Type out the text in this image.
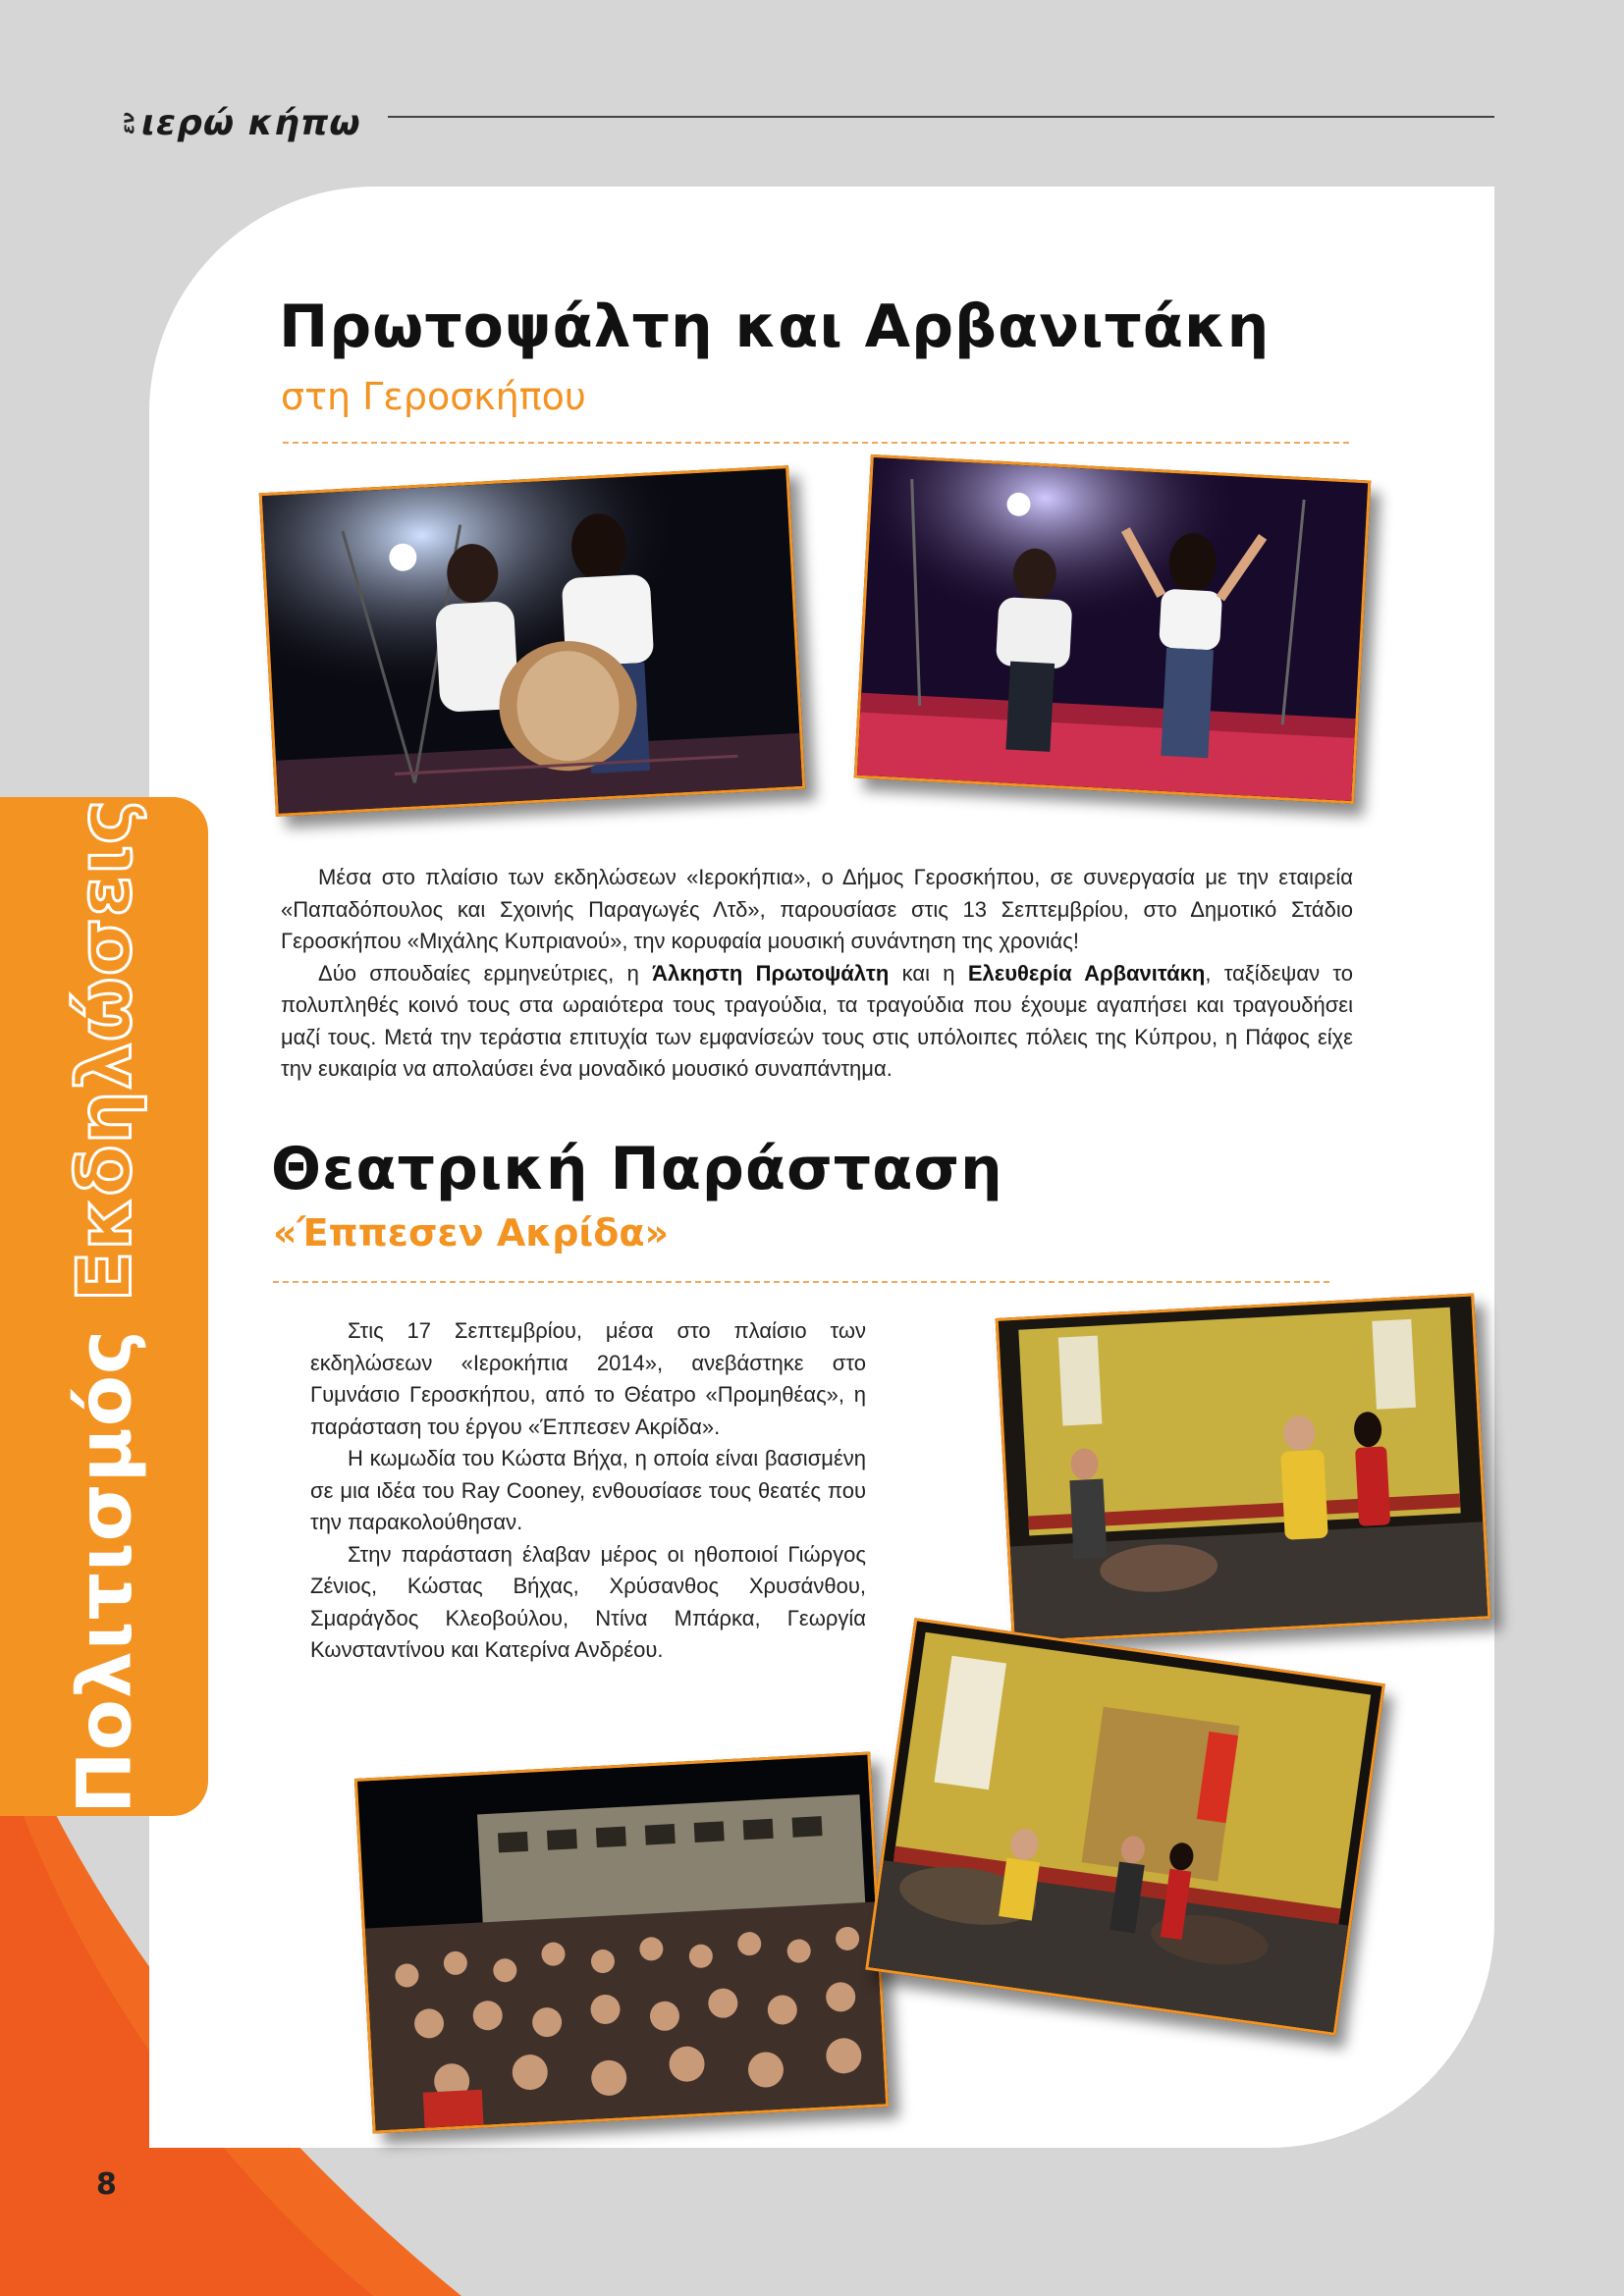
εν ιερώ κήπω
Πολιτισμός Εκδηλώσεις
Πρωτοψάλτη και Αρβανιτάκη
στη Γεροσκήπου

Μέσα στο πλαίσιο των εκδηλώσεων «Ιεροκήπια», ο Δήμος Γεροσκήπου, σε συνεργασία με την εταιρεία «Παπαδόπουλος και Σχοινής Παραγωγές Λτδ», παρουσίασε στις 13 Σεπτεμβρίου, στο Δημοτικό Στάδιο Γεροσκήπου «Μιχάλης Κυπριανού», την κορυφαία μουσική συνάντηση της χρονιάς!

Δύο σπουδαίες ερμηνεύτριες, η Άλκηστη Πρωτοψάλτη και η Ελευθερία Αρβανιτάκη, ταξίδεψαν το πολυπληθές κοινό τους στα ωραιότερα τους τραγούδια, τα τραγούδια που έχουμε αγαπήσει και τραγουδήσει μαζί τους. Μετά την τεράστια επιτυχία των εμφανίσεών τους στις υπόλοιπες πόλεις της Κύπρου, η Πάφος είχε την ευκαιρία να απολαύσει ένα μοναδικό μουσικό συναπάντημα.

Θεατρική Παράσταση
«Έππεσεν Ακρίδα»

Στις 17 Σεπτεμβρίου, μέσα στο πλαίσιο των εκδηλώσεων «Ιεροκήπια 2014», ανεβάστηκε στο Γυμνάσιο Γεροσκήπου, από το Θέατρο «Προμηθέας», η παράσταση του έργου «Έππεσεν Ακρίδα».

Η κωμωδία του Κώστα Βήχα, η οποία είναι βασισμένη σε μια ιδέα του Ray Cooney, ενθουσίασε τους θεατές που την παρακολούθησαν.

Στην παράσταση έλαβαν μέρος οι ηθοποιοί Γιώργος Ζένιος, Κώστας Βήχας, Χρύσανθος Χρυσάνθου, Σμαράγδος Κλεοβούλου, Ντίνα Μπάρκα, Γεωργία Κωνσταντίνου και Κατερίνα Ανδρέου.

8
